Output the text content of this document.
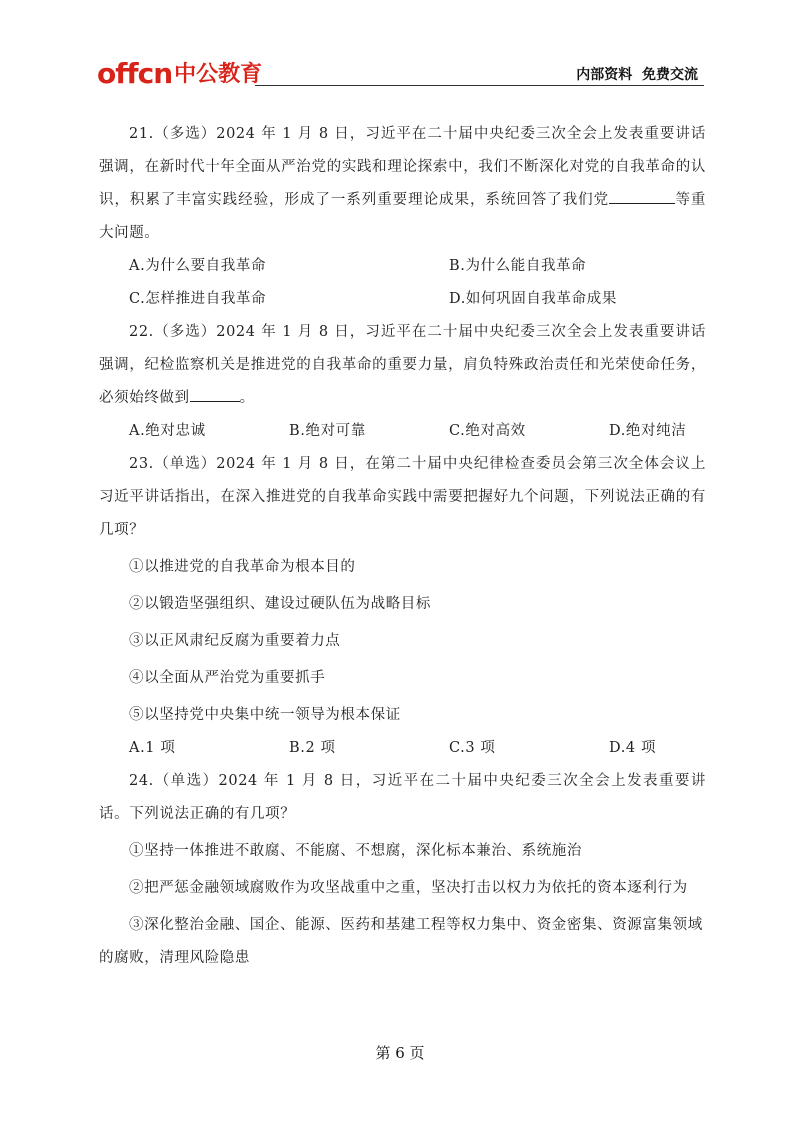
offcn 中公教育	内部资料  免费交流

21.（多选）2024 年 1 月 8 日，习近平在二十届中央纪委三次全会上发表重要讲话强调，在新时代十年全面从严治党的实践和理论探索中，我们不断深化对党的自我革命的认识，积累了丰富实践经验，形成了一系列重要理论成果，系统回答了我们党	等重大问题。

A.为什么要自我革命	B.为什么能自我革命
C.怎样推进自我革命	D.如何巩固自我革命成果

22.（多选）2024 年 1 月 8 日，习近平在二十届中央纪委三次全会上发表重要讲话强调，纪检监察机关是推进党的自我革命的重要力量，肩负特殊政治责任和光荣使命任务，必须始终做到	。

A.绝对忠诚	B.绝对可靠	C.绝对高效	D.绝对纯洁

23.（单选）2024 年 1 月 8 日，在第二十届中央纪律检查委员会第三次全体会议上习近平讲话指出，在深入推进党的自我革命实践中需要把握好九个问题，下列说法正确的有几项？

①以推进党的自我革命为根本目的

②以锻造坚强组织、建设过硬队伍为战略目标

③以正风肃纪反腐为重要着力点

④以全面从严治党为重要抓手

⑤以坚持党中央集中统一领导为根本保证

A.1 项	B.2 项	C.3 项	D.4 项

24.（单选）2024 年 1 月 8 日，习近平在二十届中央纪委三次全会上发表重要讲话。下列说法正确的有几项？

①坚持一体推进不敢腐、不能腐、不想腐，深化标本兼治、系统施治

②把严惩金融领域腐败作为攻坚战重中之重，坚决打击以权力为依托的资本逐利行为

③深化整治金融、国企、能源、医药和基建工程等权力集中、资金密集、资源富集领域的腐败，清理风险隐患

第 6 页
